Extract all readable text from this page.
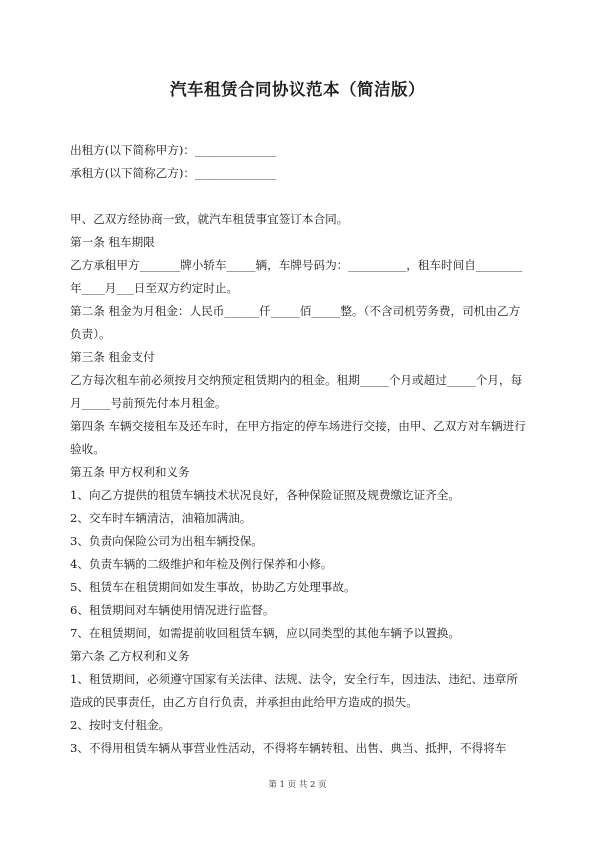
汽车租赁合同协议范本（简洁版）
出租方(以下简称甲方)：______________
承租方(以下简称乙方)：______________

甲、乙双方经协商一致，就汽车租赁事宜签订本合同。

第一条 租车期限

乙方承租甲方_______牌小轿车_____辆，车牌号码为：__________，租车时间自________年____月___日至双方约定时止。

第二条 租金为月租金：人民币______仟_____佰_____整。（不含司机劳务费，司机由乙方负责）。

第三条 租金支付

乙方每次租车前必须按月交纳预定租赁期内的租金。租期_____个月或超过_____个月，每月_____号前预先付本月租金。

第四条 车辆交接租车及还车时，在甲方指定的停车场进行交接，由甲、乙双方对车辆进行验收。

第五条 甲方权利和义务

1、向乙方提供的租赁车辆技术状况良好，各种保险证照及规费缴讫证齐全。

2、交车时车辆清洁，油箱加满油。

3、负责向保险公司为出租车辆投保。

4、负责车辆的二级维护和年检及例行保养和小修。

5、租赁车在租赁期间如发生事故，协助乙方处理事故。

6、租赁期间对车辆使用情况进行监督。

7、在租赁期间，如需提前收回租赁车辆，应以同类型的其他车辆予以置换。

第六条 乙方权利和义务

1、租赁期间，必须遵守国家有关法律、法规、法令，安全行车，因违法、违纪、违章所造成的民事责任，由乙方自行负责，并承担由此给甲方造成的损失。

2、按时支付租金。

3、不得用租赁车辆从事营业性活动，不得将车辆转租、出售、典当、抵押，不得将车

第 1 页 共 2 页
